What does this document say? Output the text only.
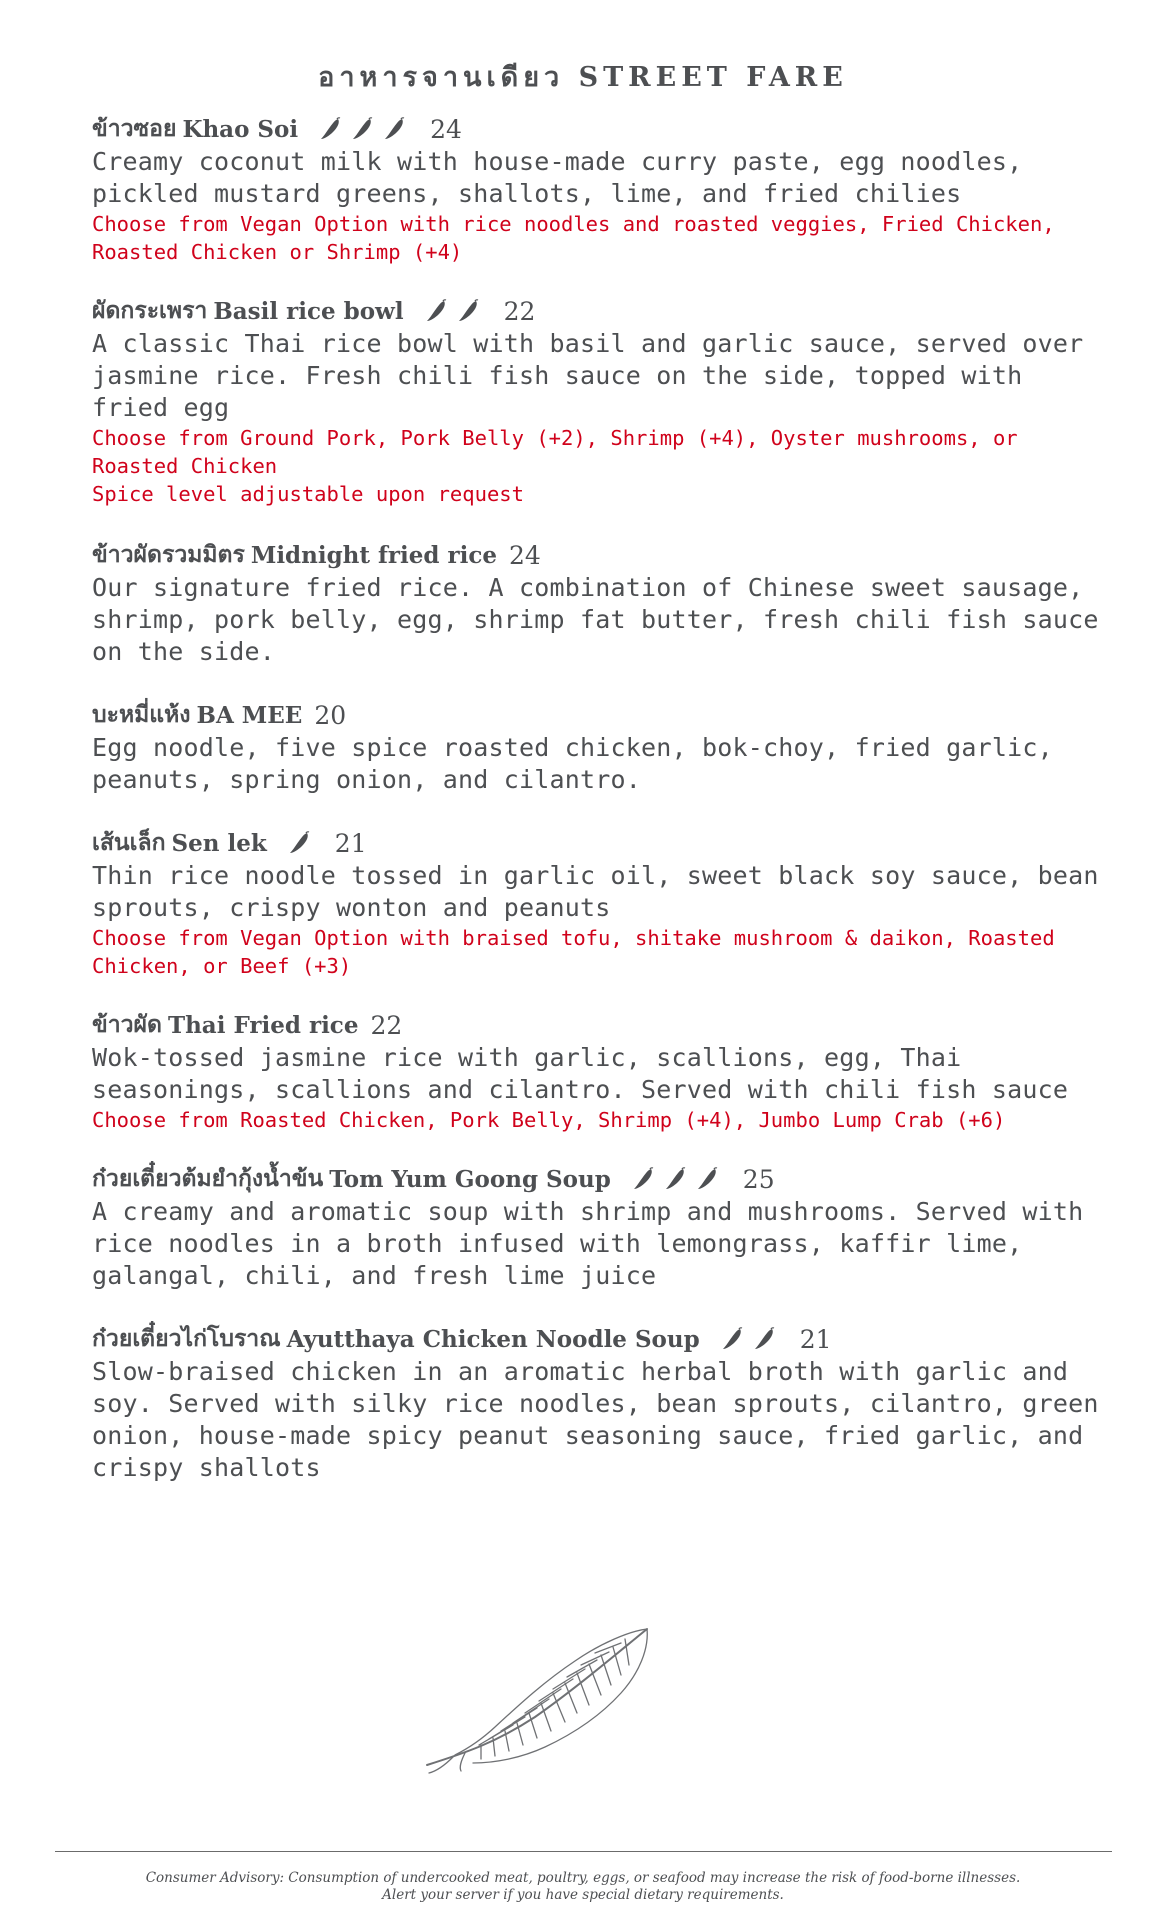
อาหารจานเดียว STREET FARE
ข้าวซอย Khao Soi	24
Creamy coconut milk with house-made curry paste, egg noodles, pickled mustard greens, shallots, lime, and fried chilies
Choose from Vegan Option with rice noodles and roasted veggies, Fried Chicken, Roasted Chicken or Shrimp (+4)
ผัดกระเพรา Basil rice bowl	22
A classic Thai rice bowl with basil and garlic sauce, served over jasmine rice. Fresh chili fish sauce on the side, topped with fried egg
Choose from Ground Pork, Pork Belly (+2), Shrimp (+4), Oyster mushrooms, or Roasted Chicken
Spice level adjustable upon request
ข้าวผัดรวมมิตร Midnight fried rice 24
Our signature fried rice. A combination of Chinese sweet sausage, shrimp, pork belly, egg, shrimp fat butter, fresh chili fish sauce on the side.
บะหมี่แห้ง BA MEE 20
Egg noodle, five spice roasted chicken, bok-choy, fried garlic, peanuts, spring onion, and cilantro.
เส้นเล็ก Sen lek	21
Thin rice noodle tossed in garlic oil, sweet black soy sauce, bean sprouts, crispy wonton and peanuts
Choose from Vegan Option with braised tofu, shitake mushroom & daikon, Roasted Chicken, or Beef (+3)
ข้าวผัด Thai Fried rice 22
Wok-tossed jasmine rice with garlic, scallions, egg, Thai seasonings, scallions and cilantro. Served with chili fish sauce
Choose from Roasted Chicken, Pork Belly, Shrimp (+4), Jumbo Lump Crab (+6)
ก๋วยเตี๋ยวต้มยำกุ้งน้ำข้น Tom Yum Goong Soup	25
A creamy and aromatic soup with shrimp and mushrooms. Served with rice noodles in a broth infused with lemongrass, kaffir lime, galangal, chili, and fresh lime juice
ก๋วยเตี๋ยวไก่โบราณ Ayutthaya Chicken Noodle Soup	21
Slow-braised chicken in an aromatic herbal broth with garlic and soy. Served with silky rice noodles, bean sprouts, cilantro, green onion, house-made spicy peanut seasoning sauce, fried garlic, and crispy shallots
Consumer Advisory: Consumption of undercooked meat, poultry, eggs, or seafood may increase the risk of food-borne illnesses.
Alert your server if you have special dietary requirements.
